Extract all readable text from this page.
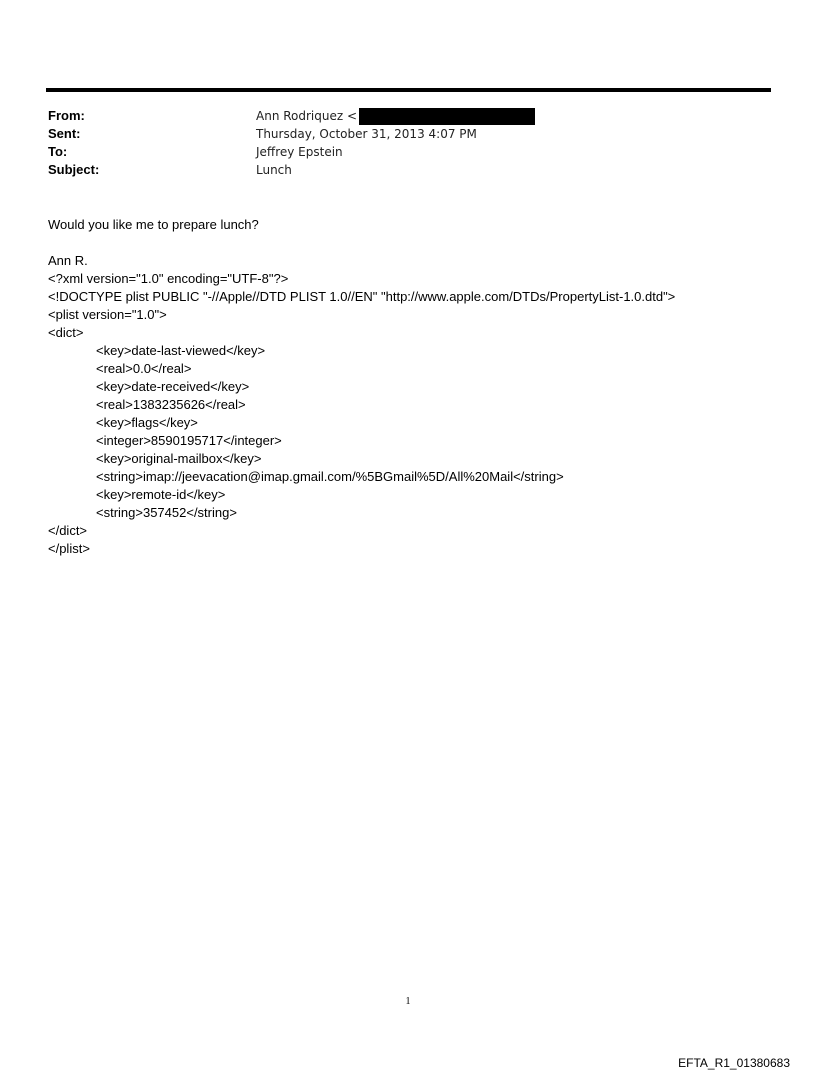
From:	Ann Rodriquez <
Sent:	Thursday, October 31, 2013 4:07 PM
To:	Jeffrey Epstein
Subject:	Lunch
Would you like me to prepare lunch?
Ann R.
<?xml version="1.0" encoding="UTF-8"?>
<!DOCTYPE plist PUBLIC "-//Apple//DTD PLIST 1.0//EN" "http://www.apple.com/DTDs/PropertyList-1.0.dtd">
<plist version="1.0">
<dict>
<key>date-last-viewed</key>
<real>0.0</real>
<key>date-received</key>
<real>1383235626</real>
<key>flags</key>
<integer>8590195717</integer>
<key>original-mailbox</key>
<string>imap://jeevacation@imap.gmail.com/%5BGmail%5D/All%20Mail</string>
<key>remote-id</key>
<string>357452</string>
</dict>
</plist>
1
EFTA_R1_01380683
